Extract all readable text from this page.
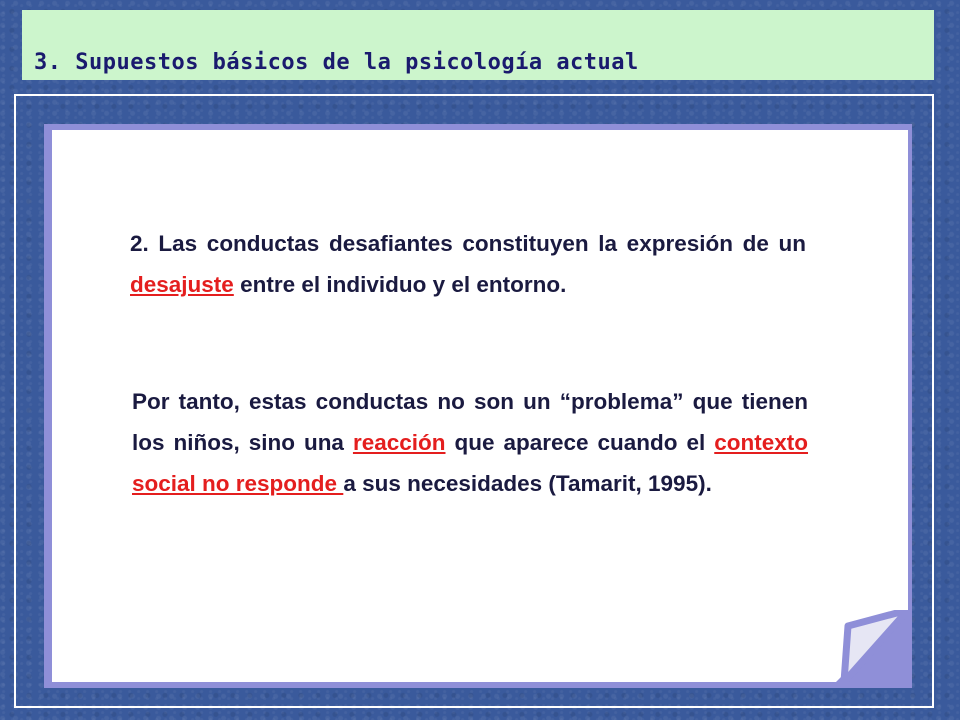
3. Supuestos básicos de la psicología actual

2. Las conductas desafiantes constituyen la expresión de un desajuste entre el individuo y el entorno.

Por tanto, estas conductas no son un “problema” que tienen los niños, sino una reacción que aparece cuando el contexto social no responde a sus necesidades (Tamarit, 1995).
